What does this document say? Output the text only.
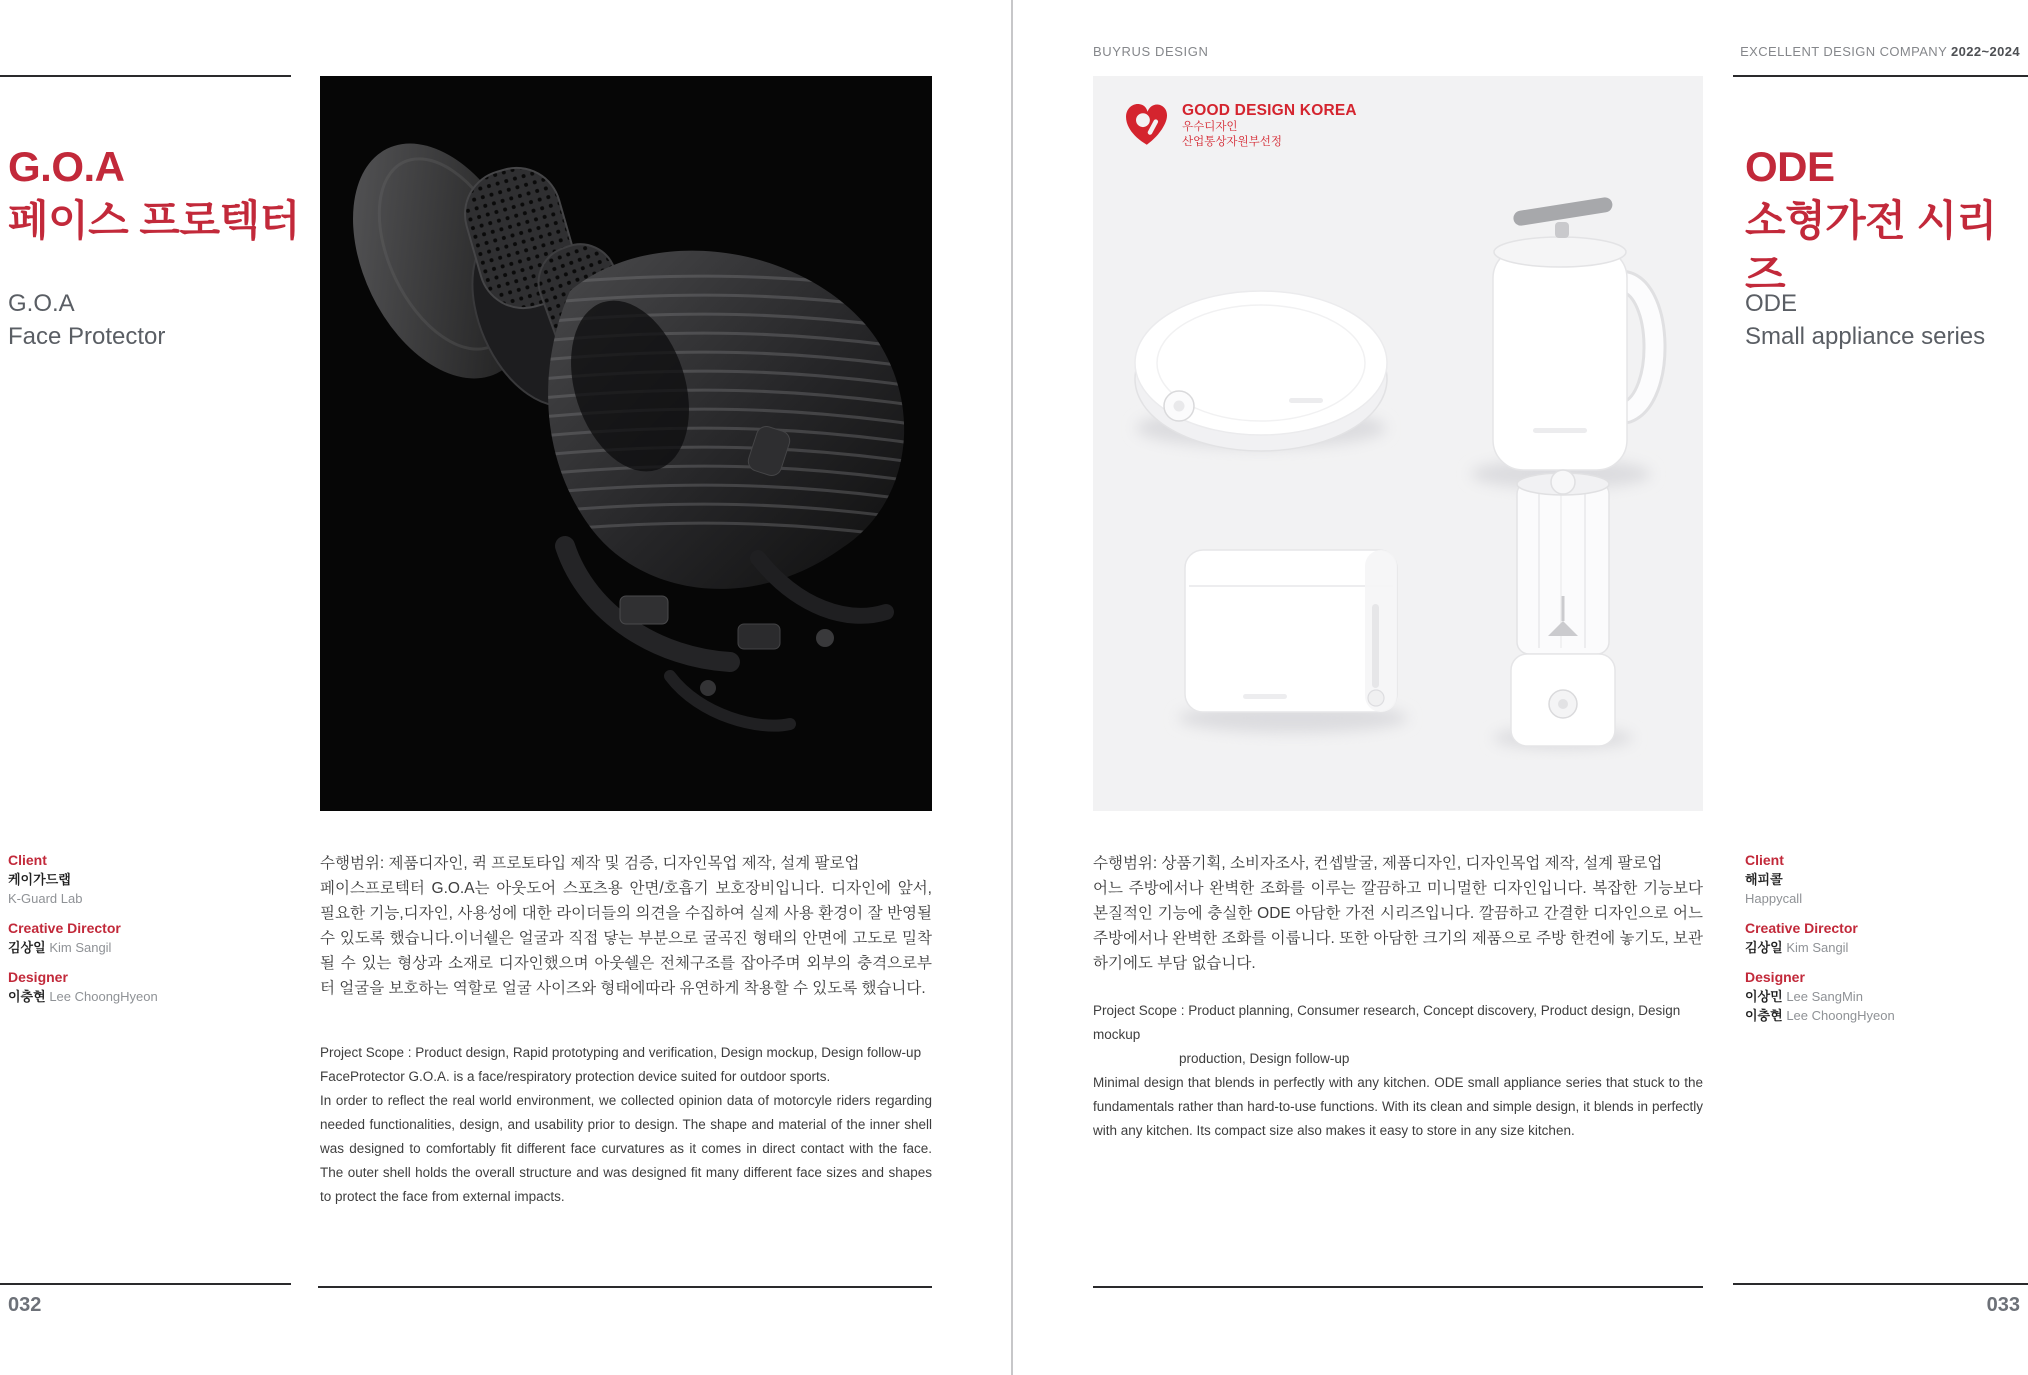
BUYRUS DESIGN	EXCELLENT DESIGN COMPANY 2022~2024
G.O.A
페이스 프로텍터
G.O.A
Face Protector
수행범위: 제품디자인, 퀵 프로토타입 제작 및 검증, 디자인목업 제작, 설계 팔로업
페이스프로텍터 G.O.A는 아웃도어 스포츠용 안면/호흡기 보호장비입니다. 디자인에 앞서, 필요한 기능,디자인, 사용성에 대한 라이더들의 의견을 수집하여 실제 사용 환경이 잘 반영될 수 있도록 했습니다.이너쉘은 얼굴과 직접 닿는 부분으로 굴곡진 형태의 안면에 고도로 밀착될 수 있는 형상과 소재로 디자인했으며 아웃쉘은 전체구조를 잡아주며 외부의 충격으로부터 얼굴을 보호하는 역할로 얼굴 사이즈와 형태에따라 유연하게 착용할 수 있도록 했습니다.
Project Scope : Product design, Rapid prototyping and verification, Design mockup, Design follow-up
FaceProtector G.O.A. is a face/respiratory protection device suited for outdoor sports.
In order to reflect the real world environment, we collected opinion data of motorcyle riders regarding needed functionalities, design, and usability prior to design. The shape and material of the inner shell was designed to comfortably fit different face curvatures as it comes in direct contact with the face. The outer shell holds the overall structure and was designed fit many different face sizes and shapes to protect the face from external impacts.
Client
케이가드랩
K-Guard Lab
Creative Director
김상일 Kim Sangil
Designer
이충현 Lee ChoongHyeon
032
GOOD DESIGN KOREA
우수디자인
산업통상자원부선정
ODE
소형가전 시리즈
ODE
Small appliance series
수행범위: 상품기획, 소비자조사, 컨셉발굴, 제품디자인, 디자인목업 제작, 설계 팔로업
어느 주방에서나 완벽한 조화를 이루는 깔끔하고 미니멀한 디자인입니다. 복잡한 기능보다 본질적인 기능에 충실한 ODE 아담한 가전 시리즈입니다. 깔끔하고 간결한 디자인으로 어느 주방에서나 완벽한 조화를 이룹니다. 또한 아담한 크기의 제품으로 주방 한켠에 놓기도, 보관하기에도 부담 없습니다.
Project Scope : Product planning, Consumer research, Concept discovery, Product design, Design mockup
production, Design follow-up
Minimal design that blends in perfectly with any kitchen. ODE small appliance series that stuck to the fundamentals rather than hard-to-use functions. With its clean and simple design, it blends in perfectly with any kitchen. Its compact size also makes it easy to store in any size kitchen.
Client
해피콜
Happycall
Creative Director
김상일 Kim Sangil
Designer
이상민 Lee SangMin
이충현 Lee ChoongHyeon
033
